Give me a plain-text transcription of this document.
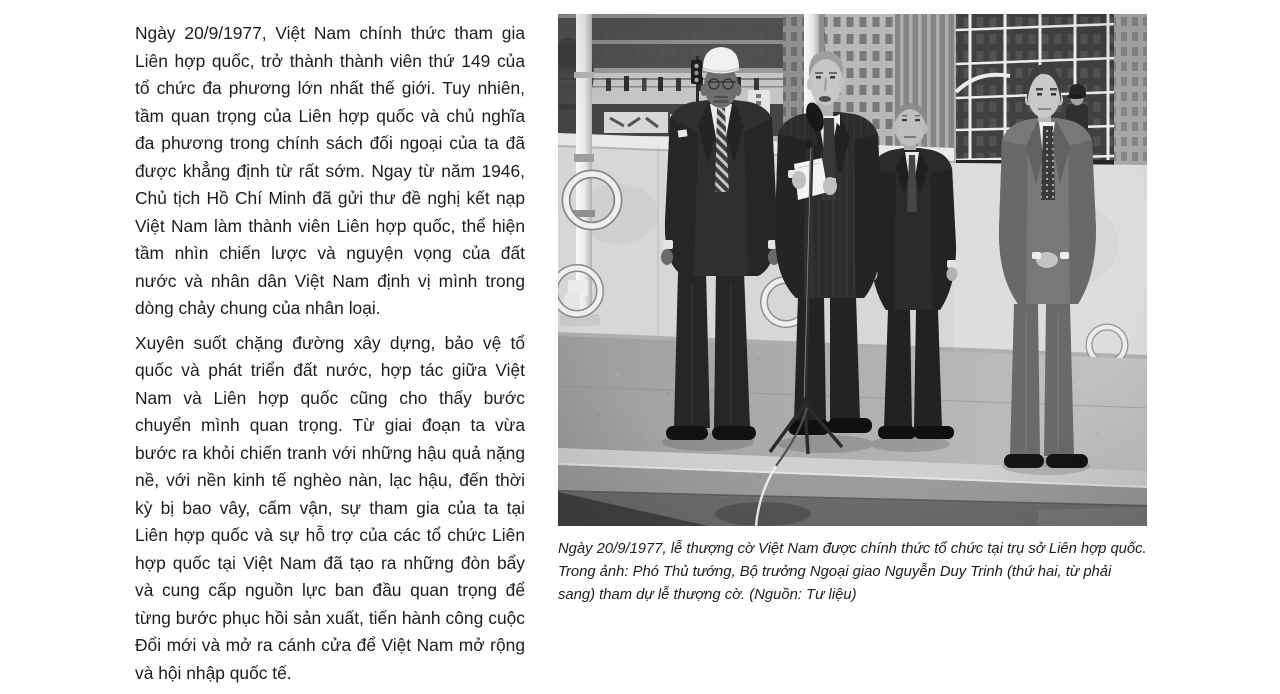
Ngày 20/9/1977, Việt Nam chính thức tham gia Liên hợp quốc, trở thành thành viên thứ 149 của tổ chức đa phương lớn nhất thế giới. Tuy nhiên, tầm quan trọng của Liên hợp quốc và chủ nghĩa đa phương trong chính sách đối ngoại của ta đã được khẳng định từ rất sớm. Ngay từ năm 1946, Chủ tịch Hồ Chí Minh đã gửi thư đề nghị kết nạp Việt Nam làm thành viên Liên hợp quốc, thể hiện tầm nhìn chiến lược và nguyện vọng của đất nước và nhân dân Việt Nam định vị mình trong dòng chảy chung của nhân loại.

Xuyên suốt chặng đường xây dựng, bảo vệ tổ quốc và phát triển đất nước, hợp tác giữa Việt Nam và Liên hợp quốc cũng cho thấy bước chuyển mình quan trọng. Từ giai đoạn ta vừa bước ra khỏi chiến tranh với những hậu quả nặng nề, với nền kinh tế nghèo nàn, lạc hậu, đến thời kỳ bị bao vây, cấm vận, sự tham gia của ta tại Liên hợp quốc và sự hỗ trợ của các tổ chức Liên hợp quốc tại Việt Nam đã tạo ra những đòn bẩy và cung cấp nguồn lực ban đầu quan trọng để từng bước phục hồi sản xuất, tiến hành công cuộc Đổi mới và mở ra cánh cửa để Việt Nam mở rộng và hội nhập quốc tế.

Ngày 20/9/1977, lễ thượng cờ Việt Nam được chính thức tổ chức tại trụ sở Liên hợp quốc. Trong ảnh: Phó Thủ tướng, Bộ trưởng Ngoại giao Nguyễn Duy Trinh (thứ hai, từ phải sang) tham dự lễ thượng cờ. (Nguồn: Tư liệu)
